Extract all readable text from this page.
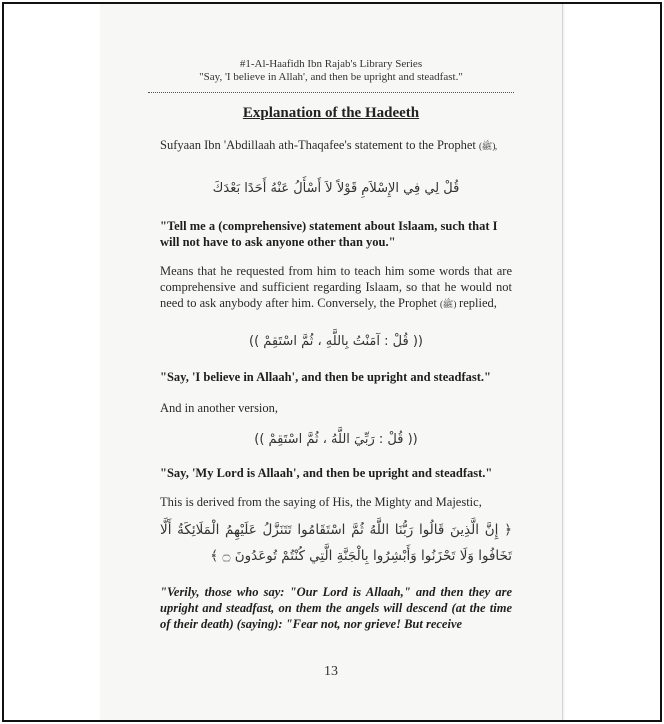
#1-Al-Haafidh Ibn Rajab's Library Series
"Say, 'I believe in Allah', and then be upright and steadfast."
Explanation of the Hadeeth
Sufyaan Ibn 'Abdillaah ath-Thaqafee's statement to the Prophet (ﷺ),
قُلْ لِي فِي الإِسْلاَمِ قَوْلاً لاَ أَسْأَلُ عَنْهُ أَحَدًا بَعْدَكَ
"Tell me a (comprehensive) statement about Islaam, such that I will not have to ask anyone other than you."
Means that he requested from him to teach him some words that are comprehensive and sufficient regarding Islaam, so that he would not need to ask anybody after him. Conversely, the Prophet (ﷺ) replied,
(( قُلْ : آمَنْتُ بِاللَّهِ ، ثُمَّ اسْتَقِمْ ))
"Say, 'I believe in Allaah', and then be upright and steadfast."
And in another version,
(( قُلْ : رَبِّيَ اللَّهُ ، ثُمَّ اسْتَقِمْ ))
"Say, 'My Lord is Allaah', and then be upright and steadfast."
This is derived from the saying of His, the Mighty and Majestic,
﴿ إِنَّ الَّذِينَ قَالُوا رَبُّنَا اللَّهُ ثُمَّ اسْتَقَامُوا تَتَنَزَّلُ عَلَيْهِمُ الْمَلَائِكَةُ أَلَّا تَخَافُوا وَلَا تَحْزَنُوا وَأَبْشِرُوا بِالْجَنَّةِ الَّتِي كُنْتُمْ تُوعَدُونَ ۝ ﴾
"Verily, those who say: "Our Lord is Allaah," and then they are upright and steadfast, on them the angels will descend (at the time of their death) (saying): "Fear not, nor grieve! But receive
13
